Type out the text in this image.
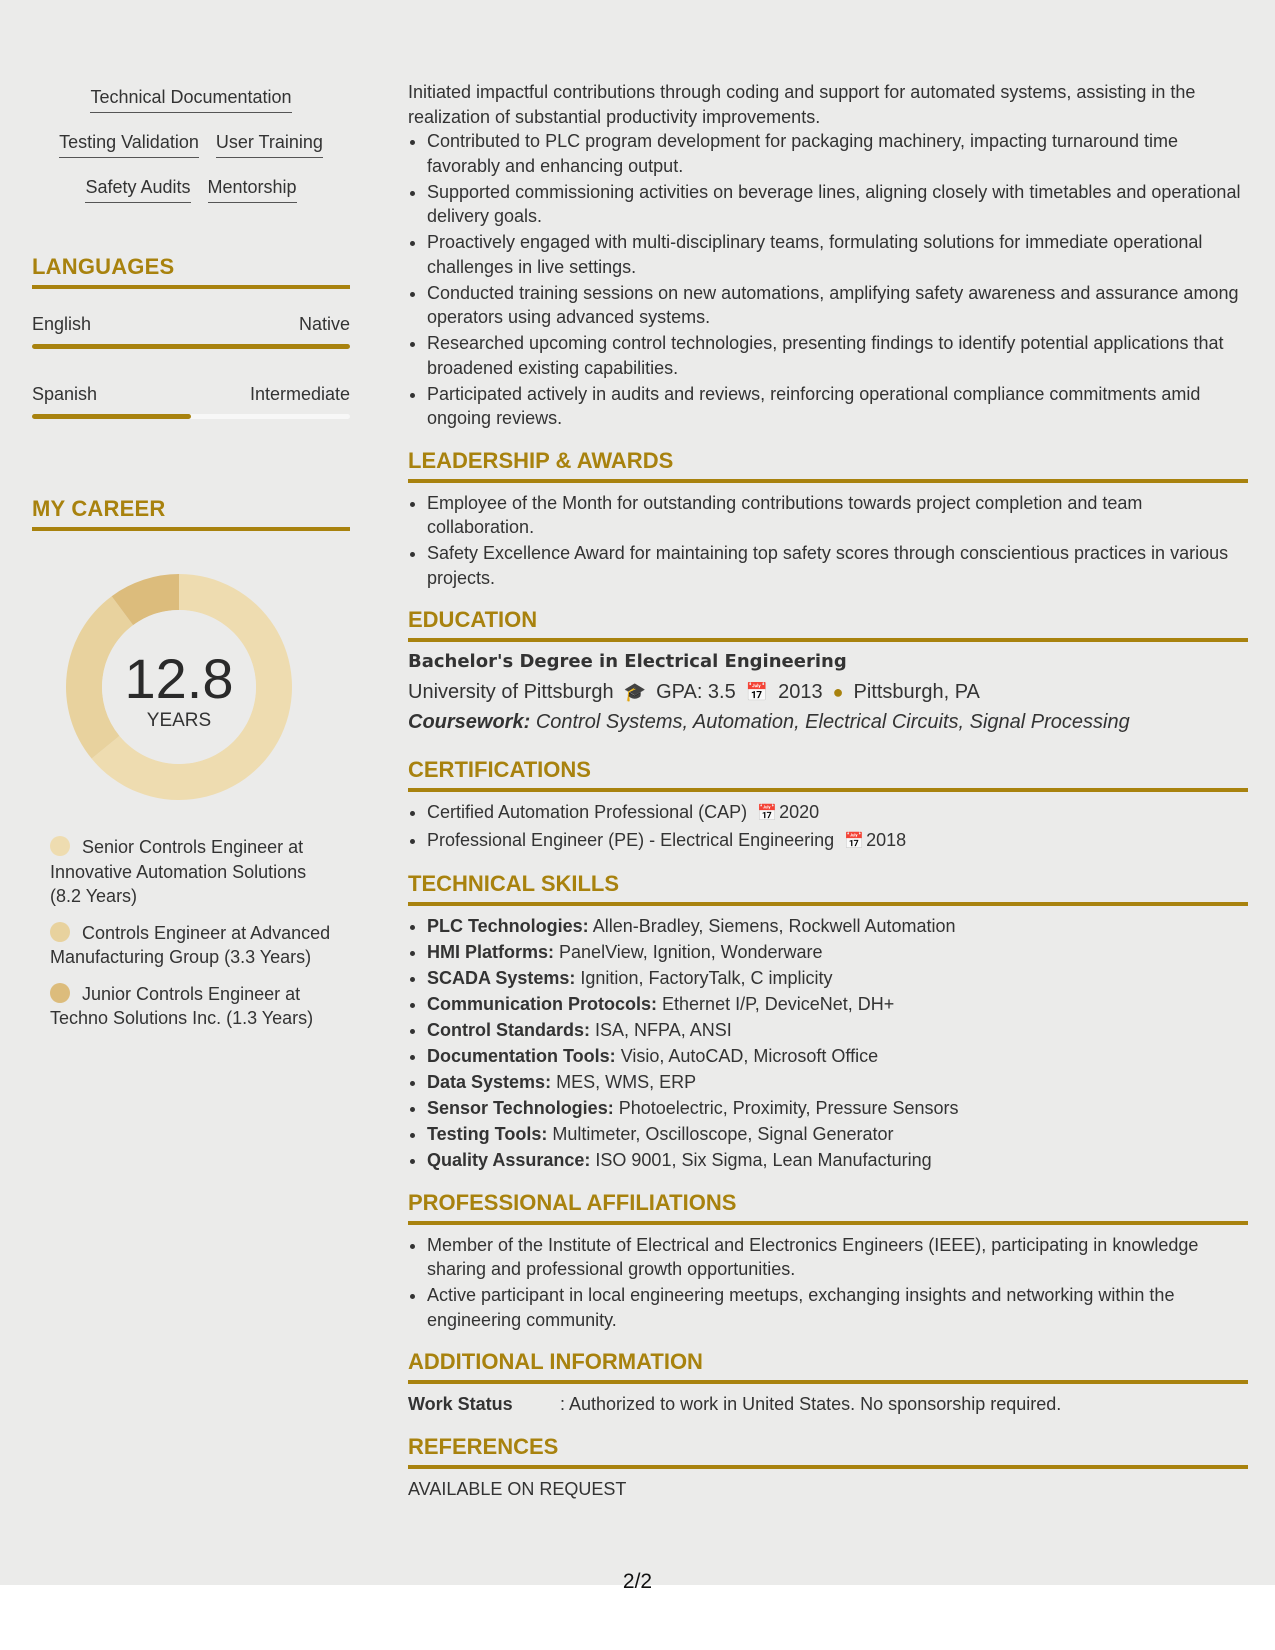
Technical Documentation
Testing Validation User Training
Safety Audits Mentorship
LANGUAGES
English	Native
Spanish	Intermediate
MY CAREER
12.8
YEARS
Senior Controls Engineer at Innovative Automation Solutions (8.2 Years)
Controls Engineer at Advanced Manufacturing Group (3.3 Years)
Junior Controls Engineer at Techno Solutions Inc. (1.3 Years)
Initiated impactful contributions through coding and support for automated systems, assisting in the realization of substantial productivity improvements.
• Contributed to PLC program development for packaging machinery, impacting turnaround time favorably and enhancing output.
• Supported commissioning activities on beverage lines, aligning closely with timetables and operational delivery goals.
• Proactively engaged with multi-disciplinary teams, formulating solutions for immediate operational challenges in live settings.
• Conducted training sessions on new automations, amplifying safety awareness and assurance among operators using advanced systems.
• Researched upcoming control technologies, presenting findings to identify potential applications that broadened existing capabilities.
• Participated actively in audits and reviews, reinforcing operational compliance commitments amid ongoing reviews.
LEADERSHIP & AWARDS
• Employee of the Month for outstanding contributions towards project completion and team collaboration.
• Safety Excellence Award for maintaining top safety scores through conscientious practices in various projects.
EDUCATION
Bachelor's Degree in Electrical Engineering
University of Pittsburgh 🎓 GPA: 3.5 📅 2013 ● Pittsburgh, PA
Coursework: Control Systems, Automation, Electrical Circuits, Signal Processing
CERTIFICATIONS
• Certified Automation Professional (CAP) 📅 2020
• Professional Engineer (PE) - Electrical Engineering 📅 2018
TECHNICAL SKILLS
• PLC Technologies: Allen-Bradley, Siemens, Rockwell Automation
• HMI Platforms: PanelView, Ignition, Wonderware
• SCADA Systems: Ignition, FactoryTalk, C implicity
• Communication Protocols: Ethernet I/P, DeviceNet, DH+
• Control Standards: ISA, NFPA, ANSI
• Documentation Tools: Visio, AutoCAD, Microsoft Office
• Data Systems: MES, WMS, ERP
• Sensor Technologies: Photoelectric, Proximity, Pressure Sensors
• Testing Tools: Multimeter, Oscilloscope, Signal Generator
• Quality Assurance: ISO 9001, Six Sigma, Lean Manufacturing
PROFESSIONAL AFFILIATIONS
• Member of the Institute of Electrical and Electronics Engineers (IEEE), participating in knowledge sharing and professional growth opportunities.
• Active participant in local engineering meetups, exchanging insights and networking within the engineering community.
ADDITIONAL INFORMATION
Work Status	: Authorized to work in United States. No sponsorship required.
REFERENCES
AVAILABLE ON REQUEST
2/2
